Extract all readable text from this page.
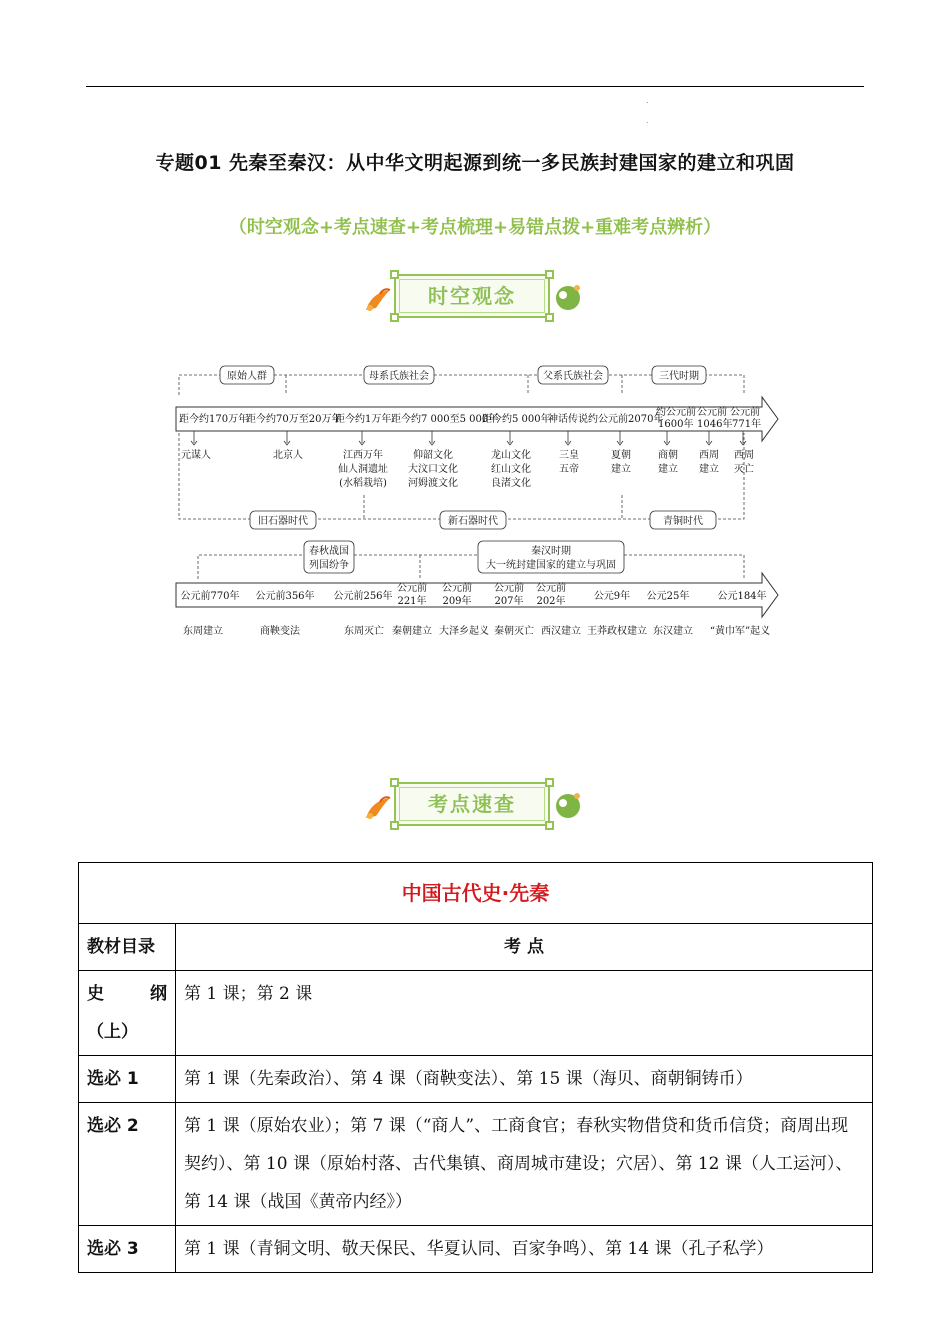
.
.
专题01 先秦至秦汉：从中华文明起源到统一多民族封建国家的建立和巩固
（时空观念+考点速查+考点梳理+易错点拨+重难考点辨析）
时空观念
原始人群	母系氏族社会	父系氏族社会	三代时期
旧石器时代	新石器时代	青铜时代
春秋战国
列国纷争
秦汉时期
大一统封建国家的建立与巩固
距今约170万年
距今约70万至20万年
距今约1万年 距今约7 000至5 000年
距今约5 000年
神话传说 约公元前2070年
约公元前
1600年
公元前
1046年
公元前
771年
元谋人	北京人	江西万年
仙人洞遗址
(水稻栽培)
仰韶文化
大汶口文化
河姆渡文化
龙山文化
红山文化
良渚文化
三皇
五帝
夏朝
建立
商朝
建立
西周
建立
西周
灭亡
公元前770年 公元前356年 公元前256年
公元前
221年
公元前
209年
公元前
207年
公元前
202年	公元9年 公元25年	公元184年
东周建立	商鞅变法	东周灭亡 秦朝建立 大泽乡起义 秦朝灭亡 西汉建立 王莽政权建立 东汉建立 “黄巾军”起义
考点速查
中国古代史·先秦	
教材目录	考 点

史 纲
（上）	第 1 课；第 2 课
选必 1	第 1 课（先秦政治）、第 4 课（商鞅变法）、第 15 课（海贝、商朝铜铸币）
选必 2	第 1 课（原始农业）；第 7 课（“商人”、工商食官；春秋实物借贷和货币信贷；商周出现契约）、第 10 课（原始村落、古代集镇、商周城市建设；穴居）、第 12 课（人工运河）、第 14 课（战国《黄帝内经》）
选必 3	第 1 课（青铜文明、敬天保民、华夏认同、百家争鸣）、第 14 课（孔子私学）
